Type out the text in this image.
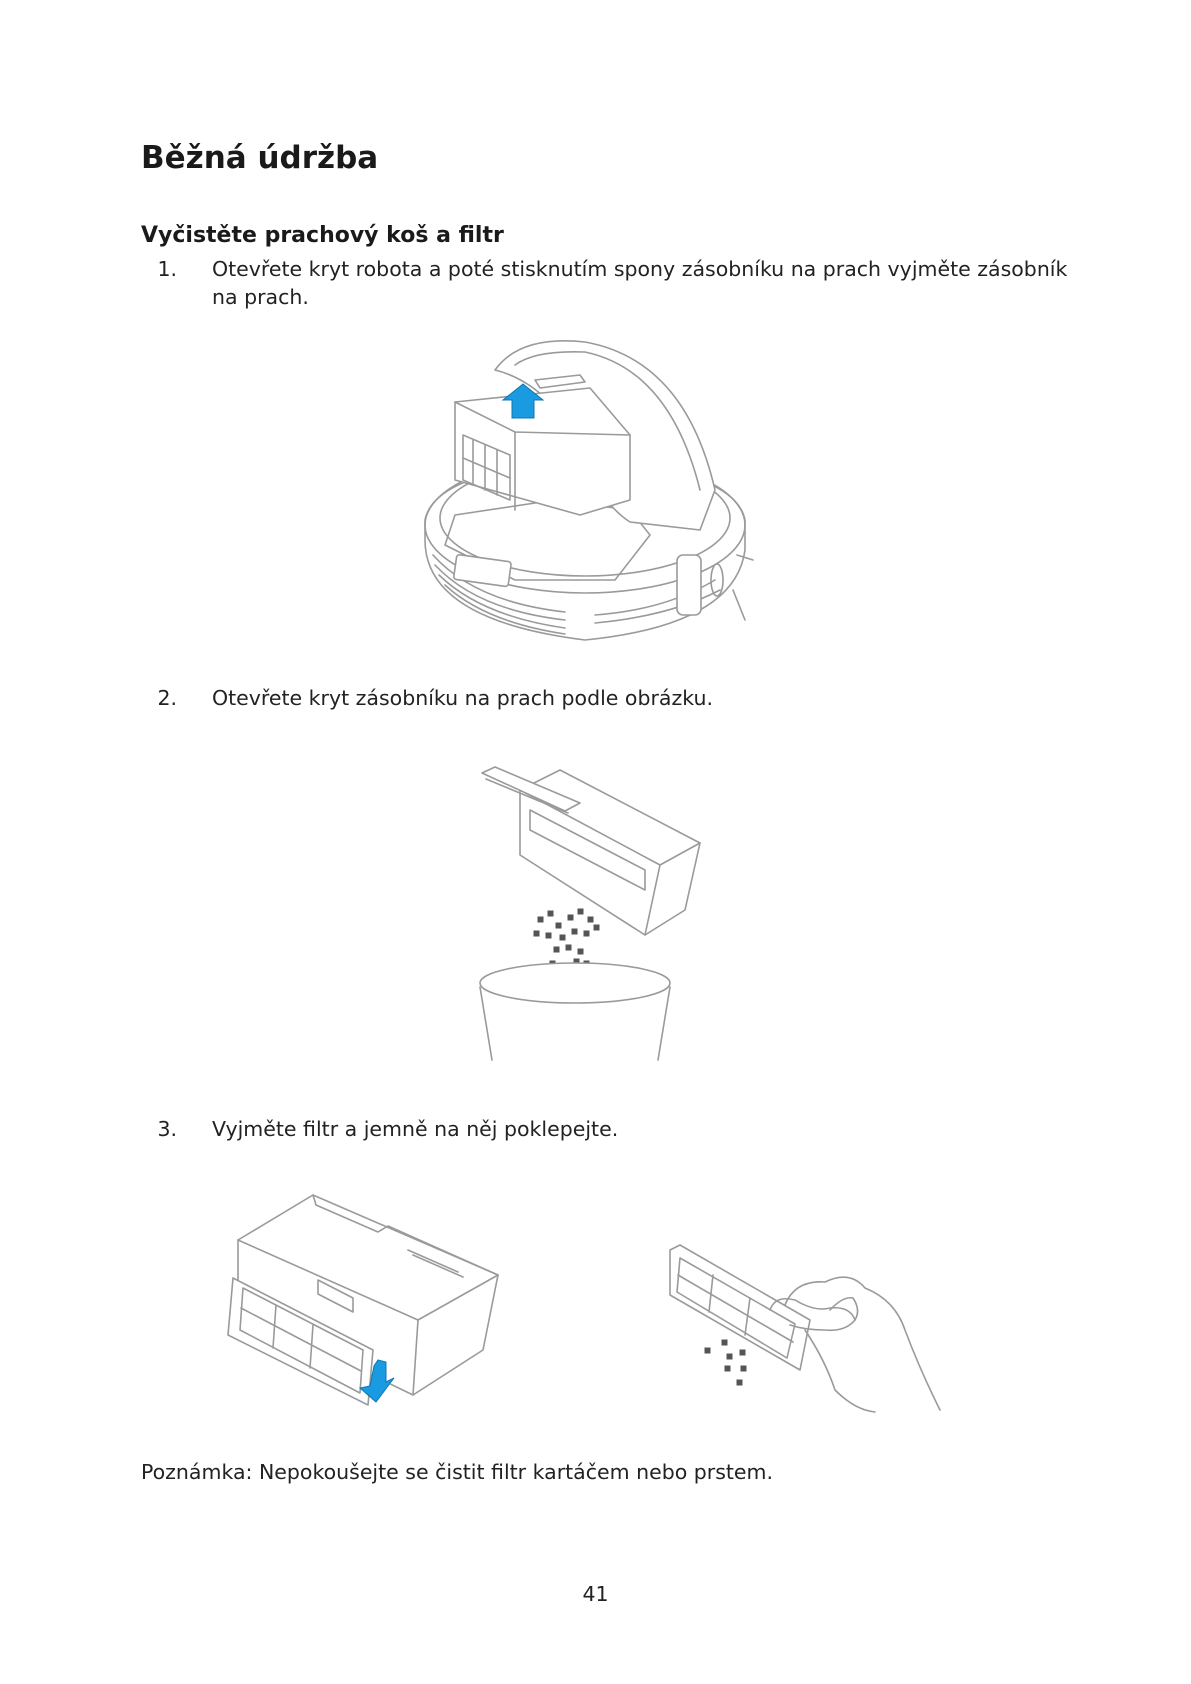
Běžná údržba
Vyčistěte prachový koš a filtr
1. Otevřete kryt robota a poté stisknutím spony zásobníku na prach vyjměte zásobník na prach.
2. Otevřete kryt zásobníku na prach podle obrázku.
3. Vyjměte filtr a jemně na něj poklepejte.
Poznámka: Nepokoušejte se čistit filtr kartáčem nebo prstem.
41
